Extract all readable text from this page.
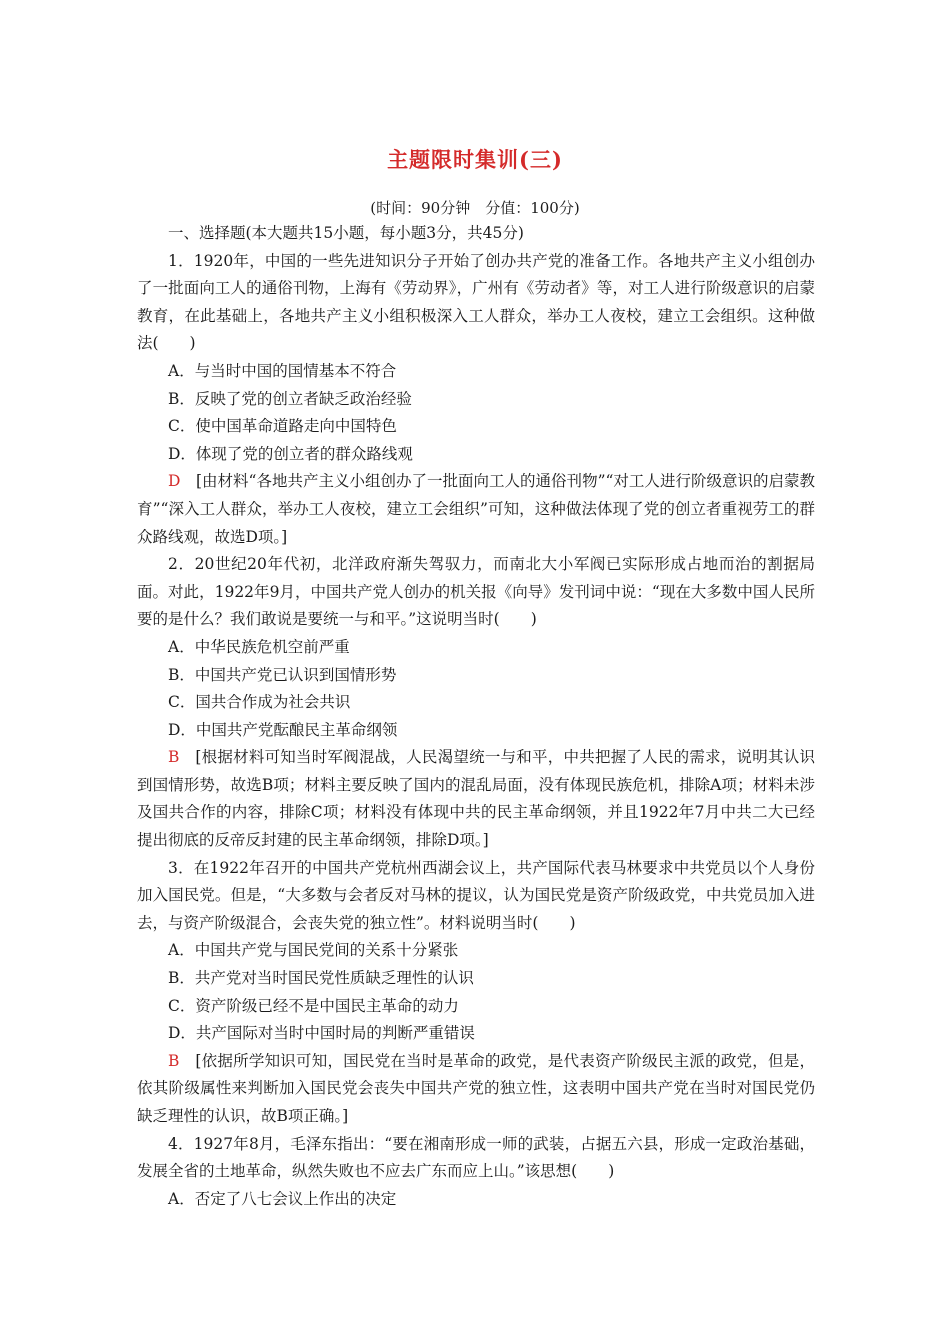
主题限时集训(三)
(时间：90分钟　分值：100分)

一、选择题(本大题共15小题，每小题3分，共45分)

1．1920年，中国的一些先进知识分子开始了创办共产党的准备工作。各地共产主义小组创办了一批面向工人的通俗刊物，上海有《劳动界》，广州有《劳动者》等，对工人进行阶级意识的启蒙教育，在此基础上，各地共产主义小组积极深入工人群众，举办工人夜校，建立工会组织。这种做法(　　)

A．与当时中国的国情基本不符合

B．反映了党的创立者缺乏政治经验

C．使中国革命道路走向中国特色

D．体现了党的创立者的群众路线观

D　[由材料“各地共产主义小组创办了一批面向工人的通俗刊物”“对工人进行阶级意识的启蒙教育”“深入工人群众，举办工人夜校，建立工会组织”可知，这种做法体现了党的创立者重视劳工的群众路线观，故选D项。]

2．20世纪20年代初，北洋政府渐失驾驭力，而南北大小军阀已实际形成占地而治的割据局面。对此，1922年9月，中国共产党人创办的机关报《向导》发刊词中说：“现在大多数中国人民所要的是什么？我们敢说是要统一与和平。”这说明当时(　　)

A．中华民族危机空前严重

B．中国共产党已认识到国情形势

C．国共合作成为社会共识

D．中国共产党酝酿民主革命纲领

B　[根据材料可知当时军阀混战，人民渴望统一与和平，中共把握了人民的需求，说明其认识到国情形势，故选B项；材料主要反映了国内的混乱局面，没有体现民族危机，排除A项；材料未涉及国共合作的内容，排除C项；材料没有体现中共的民主革命纲领，并且1922年7月中共二大已经提出彻底的反帝反封建的民主革命纲领，排除D项。]

3．在1922年召开的中国共产党杭州西湖会议上，共产国际代表马林要求中共党员以个人身份加入国民党。但是，“大多数与会者反对马林的提议，认为国民党是资产阶级政党，中共党员加入进去，与资产阶级混合，会丧失党的独立性”。材料说明当时(　　)

A．中国共产党与国民党间的关系十分紧张

B．共产党对当时国民党性质缺乏理性的认识

C．资产阶级已经不是中国民主革命的动力

D．共产国际对当时中国时局的判断严重错误

B　[依据所学知识可知，国民党在当时是革命的政党，是代表资产阶级民主派的政党，但是，依其阶级属性来判断加入国民党会丧失中国共产党的独立性，这表明中国共产党在当时对国民党仍缺乏理性的认识，故B项正确。]

4．1927年8月，毛泽东指出：“要在湘南形成一师的武装，占据五六县，形成一定政治基础，发展全省的土地革命，纵然失败也不应去广东而应上山。”该思想(　　)

A．否定了八七会议上作出的决定
